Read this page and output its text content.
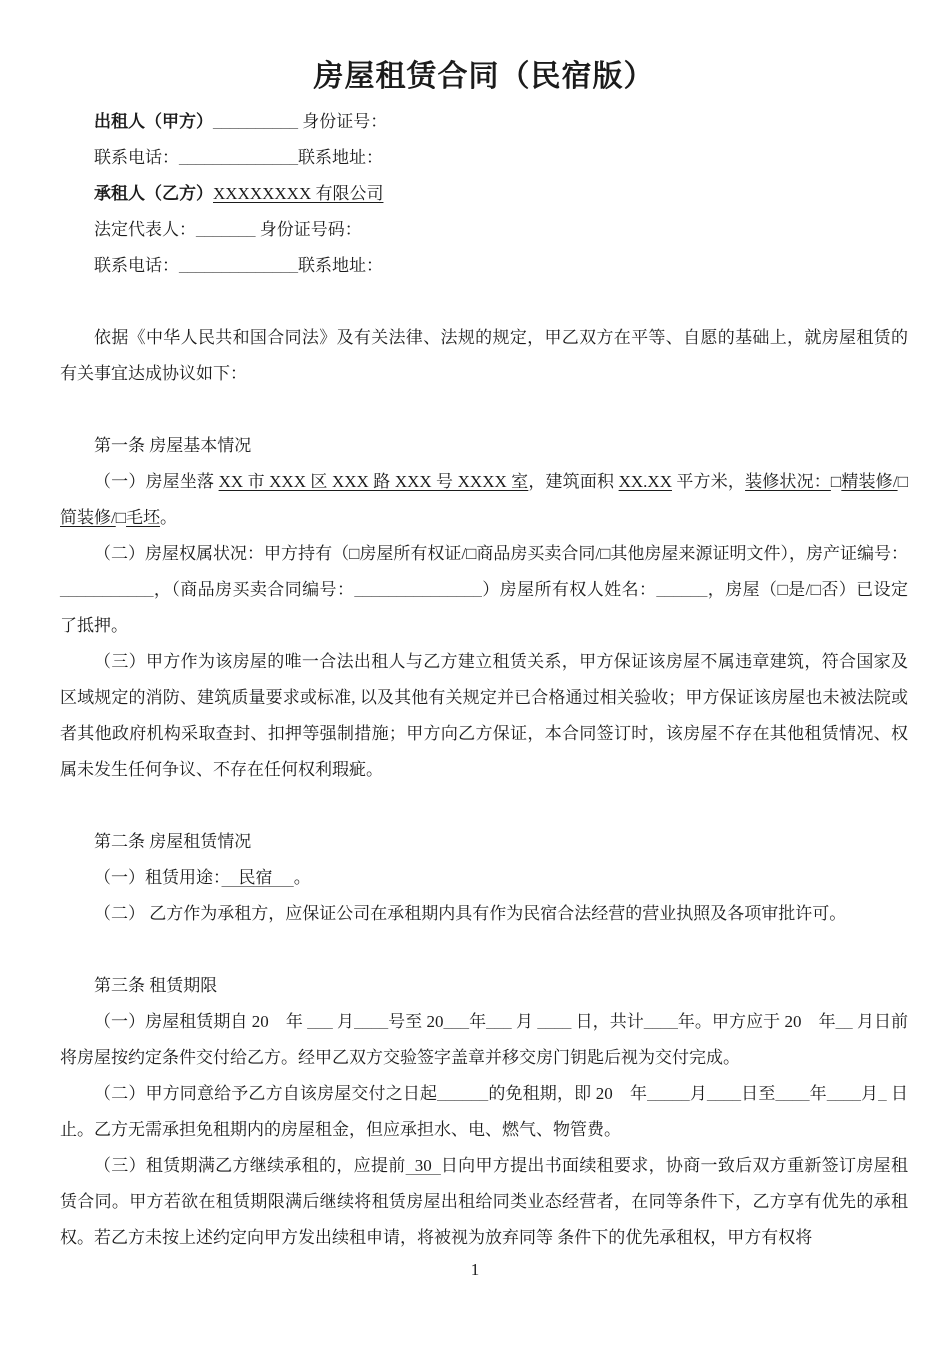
房屋租赁合同（民宿版）

出租人（甲方）__________ 身份证号：

联系电话：______________联系地址：

承租人（乙方）XXXXXXXX 有限公司

法定代表人：_______ 身份证号码：

联系电话：______________联系地址：

依据《中华人民共和国合同法》及有关法律、法规的规定，甲乙双方在平等、自愿的基础上，就房屋租赁的有关事宜达成协议如下：

第一条 房屋基本情况

（一）房屋坐落 XX 市 XXX 区 XXX 路 XXX 号 XXXX 室，建筑面积 XX.XX 平方米，装修状况：□精装修/□简装修/□毛坯。

（二）房屋权属状况：甲方持有（□房屋所有权证/□商品房买卖合同/□其他房屋来源证明文件），房产证编号：___________，（商品房买卖合同编号：_______________）房屋所有权人姓名：______，房屋（□是/□否）已设定了抵押。

（三）甲方作为该房屋的唯一合法出租人与乙方建立租赁关系，甲方保证该房屋不属违章建筑，符合国家及区域规定的消防、建筑质量要求或标准, 以及其他有关规定并已合格通过相关验收；甲方保证该房屋也未被法院或者其他政府机构采取查封、扣押等强制措施；甲方向乙方保证，本合同签订时，该房屋不存在其他租赁情况、权属未发生任何争议、不存在任何权利瑕疵。

第二条 房屋租赁情况

（一）租赁用途：　民宿　 。

（二） 乙方作为承租方，应保证公司在承租期内具有作为民宿合法经营的营业执照及各项审批许可。

第三条 租赁期限

（一）房屋租赁期自 20　年 ___ 月____号至 20___年___ 月 ____ 日，共计____年。甲方应于 20　年__ 月日前将房屋按约定条件交付给乙方。经甲乙双方交验签字盖章并移交房门钥匙后视为交付完成。

（二）甲方同意给予乙方自该房屋交付之日起______的免租期，即 20　年_____月____日至____年____月_ 日止。乙方无需承担免租期内的房屋租金，但应承担水、电、燃气、物管费。

（三）租赁期满乙方继续承租的，应提前  30  日向甲方提出书面续租要求，协商一致后双方重新签订房屋租赁合同。甲方若欲在租赁期限满后继续将租赁房屋出租给同类业态经营者，在同等条件下，乙方享有优先的承租权。若乙方未按上述约定向甲方发出续租申请，将被视为放弃同等 条件下的优先承租权，甲方有权将

1
